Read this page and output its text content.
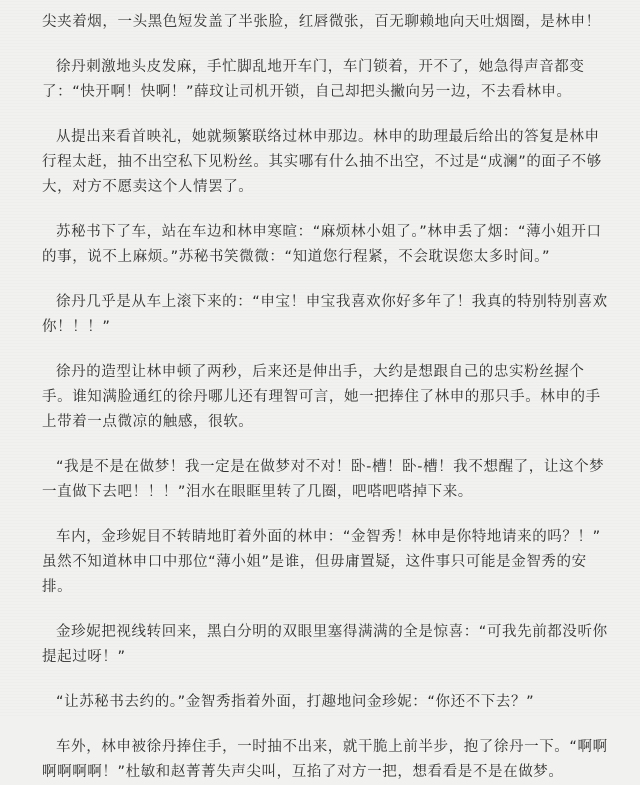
尖夹着烟，一头黑色短发盖了半张脸，红唇微张，百无聊赖地向天吐烟圈，是林申！

徐丹刺激地头皮发麻，手忙脚乱地开车门，车门锁着，开不了，她急得声音都变
了：“快开啊！快啊！”薛玟让司机开锁，自己却把头撇向另一边，不去看林申。

从提出来看首映礼，她就频繁联络过林申那边。林申的助理最后给出的答复是林申
行程太赶，抽不出空私下见粉丝。其实哪有什么抽不出空，不过是“成澜”的面子不够
大，对方不愿卖这个人情罢了。

苏秘书下了车，站在车边和林申寒暄：“麻烦林小姐了。”林申丢了烟：“薄小姐开口
的事，说不上麻烦。”苏秘书笑微微：“知道您行程紧，不会耽误您太多时间。”

徐丹几乎是从车上滚下来的：“申宝！申宝我喜欢你好多年了！我真的特别特别喜欢
你！！！”

徐丹的造型让林申顿了两秒，后来还是伸出手，大约是想跟自己的忠实粉丝握个
手。谁知满脸通红的徐丹哪儿还有理智可言，她一把捧住了林申的那只手。林申的手
上带着一点微凉的触感，很软。

“我是不是在做梦！我一定是在做梦对不对！卧-槽！卧-槽！我不想醒了，让这个梦
一直做下去吧！！！”泪水在眼眶里转了几圈，吧嗒吧嗒掉下来。

车内，金珍妮目不转睛地盯着外面的林申：“金智秀！林申是你特地请来的吗？！”
虽然不知道林申口中那位“薄小姐”是谁，但毋庸置疑，这件事只可能是金智秀的安
排。

金珍妮把视线转回来，黑白分明的双眼里塞得满满的全是惊喜：“可我先前都没听你
提起过呀！”

“让苏秘书去约的。”金智秀指着外面，打趣地问金珍妮：“你还不下去？”

车外，林申被徐丹捧住手，一时抽不出来，就干脆上前半步，抱了徐丹一下。“啊啊
啊啊啊啊！”杜敏和赵菁菁失声尖叫，互掐了对方一把，想看看是不是在做梦。
